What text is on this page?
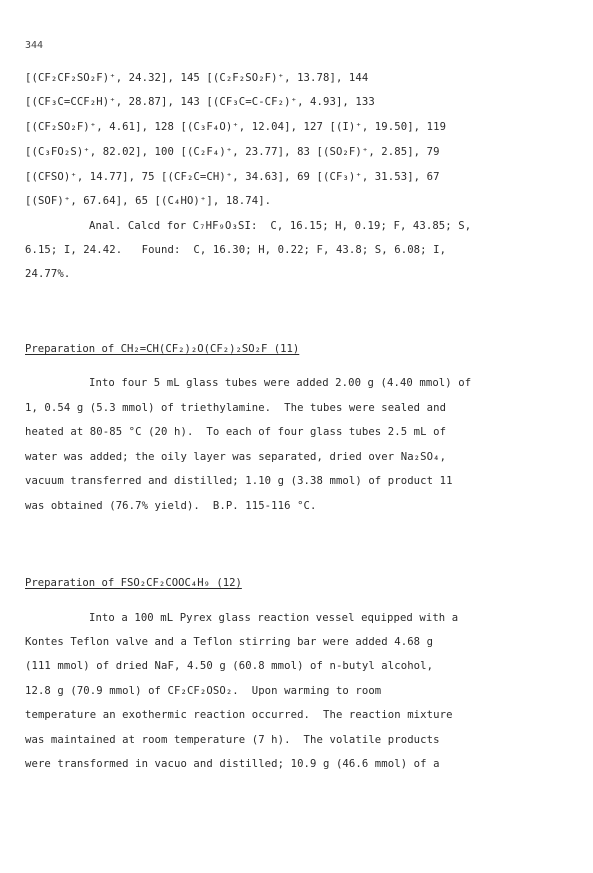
344
[(CF₂CF₂SO₂F)⁺, 24.32], 145 [(C₂F₂SO₂F)⁺, 13.78], 144
[(CF₃C=CCF₂H)⁺, 28.87], 143 [(CF₃C=C-CF₂)⁺, 4.93], 133
[(CF₂SO₂F)⁺, 4.61], 128 [(C₃F₄O)⁺, 12.04], 127 [(I)⁺, 19.50], 119
[(C₃FO₂S)⁺, 82.02], 100 [(C₂F₄)⁺, 23.77], 83 [(SO₂F)⁺, 2.85], 79
[(CFSO)⁺, 14.77], 75 [(CF₂C=CH)⁺, 34.63], 69 [(CF₃)⁺, 31.53], 67
[(SOF)⁺, 67.64], 65 [(C₄HO)⁺], 18.74].
Anal. Calcd for C₇HF₉O₃SI:  C, 16.15; H, 0.19; F, 43.85; S,
6.15; I, 24.42.   Found:  C, 16.30; H, 0.22; F, 43.8; S, 6.08; I,
24.77%.
Preparation of CH₂=CH(CF₂)₂O(CF₂)₂SO₂F (11)
Into four 5 mL glass tubes were added 2.00 g (4.40 mmol) of
1, 0.54 g (5.3 mmol) of triethylamine.  The tubes were sealed and
heated at 80-85 °C (20 h).  To each of four glass tubes 2.5 mL of
water was added; the oily layer was separated, dried over Na₂SO₄,
vacuum transferred and distilled; 1.10 g (3.38 mmol) of product 11
was obtained (76.7% yield).  B.P. 115-116 °C.
Preparation of FSO₂CF₂COOC₄H₉ (12)
Into a 100 mL Pyrex glass reaction vessel equipped with a
Kontes Teflon valve and a Teflon stirring bar were added 4.68 g
(111 mmol) of dried NaF, 4.50 g (60.8 mmol) of n-butyl alcohol,
12.8 g (70.9 mmol) of CF₂CF₂OSO₂.  Upon warming to room
temperature an exothermic reaction occurred.  The reaction mixture
was maintained at room temperature (7 h).  The volatile products
were transformed in vacuo and distilled; 10.9 g (46.6 mmol) of a
